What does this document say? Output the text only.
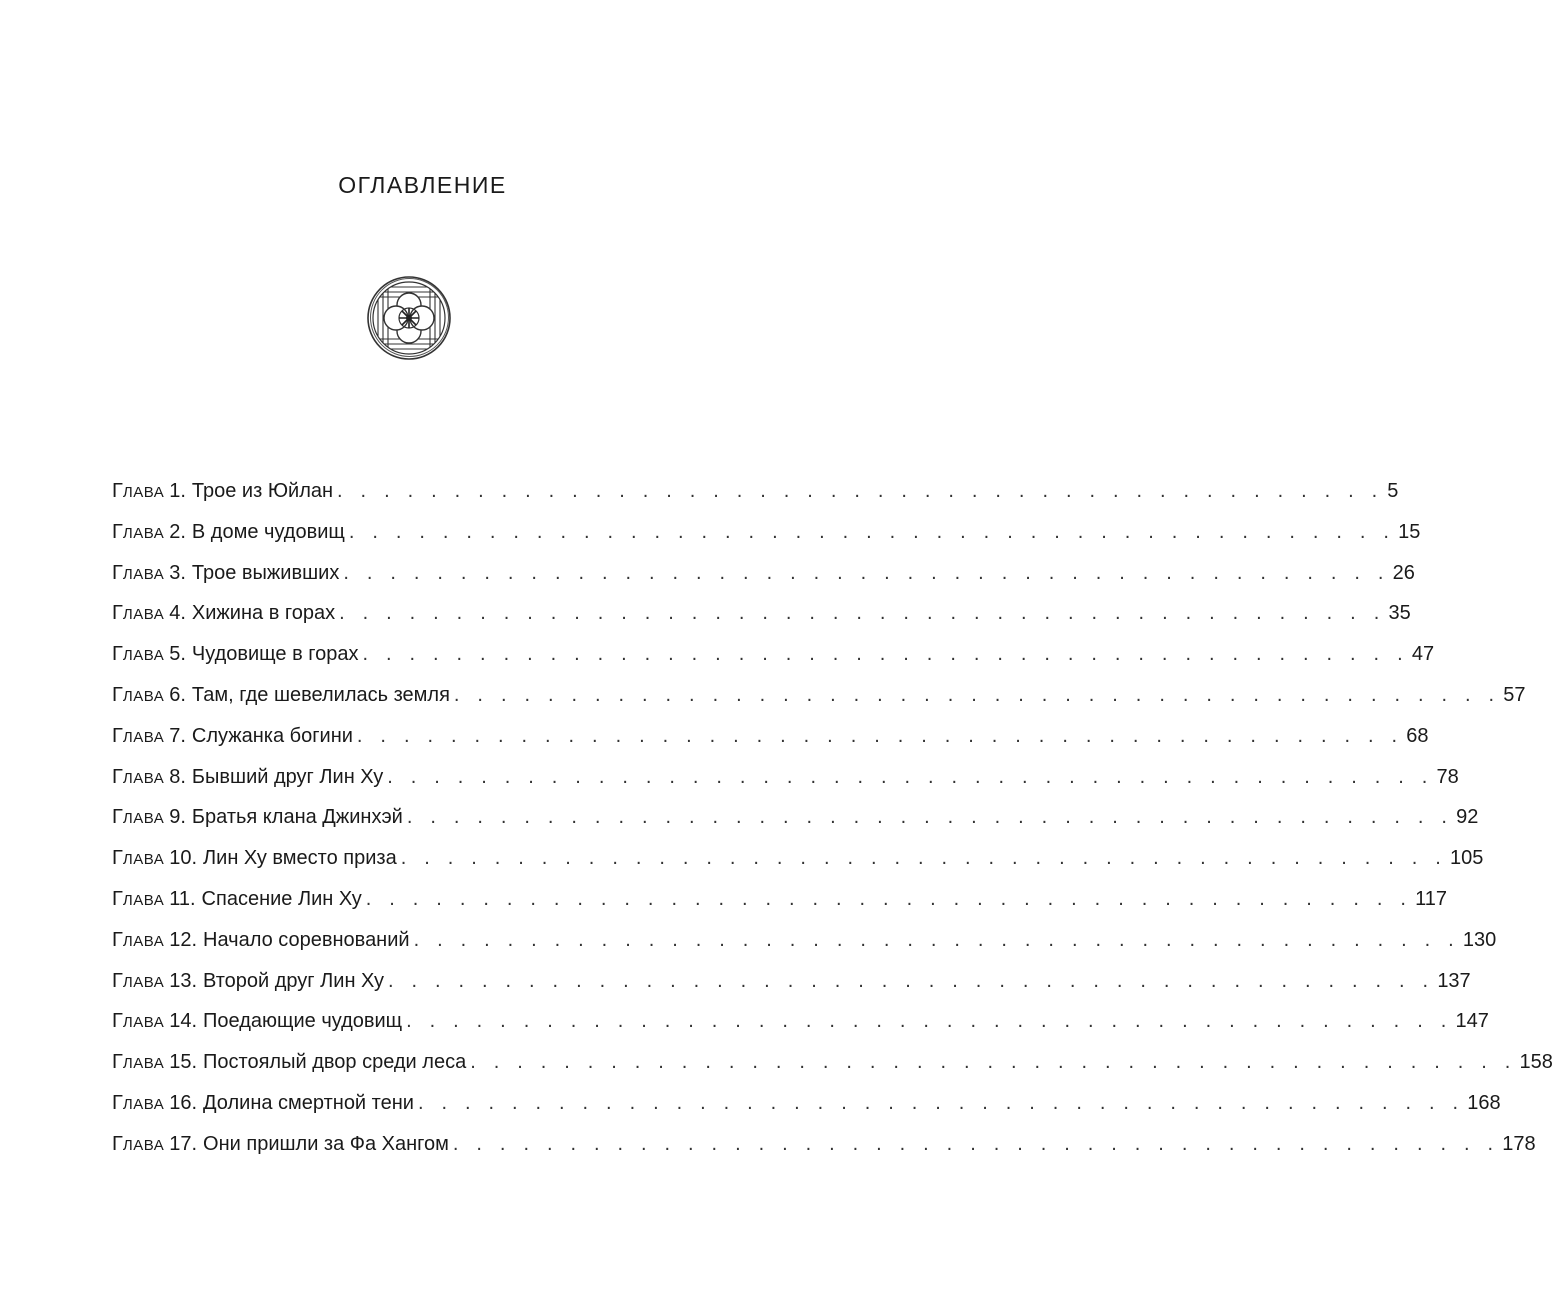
ОГЛАВЛЕНИЕ
ГЛАВА 1. Трое из Юйлан . . . . . . . . . . . . . . . . . . . . . . . . . . . . . . . . . . . . . . . . . . . . . 5
ГЛАВА 2. В доме чудовищ . . . . . . . . . . . . . . . . . . . . . . . . . . . . . . . . . . . . . . . . . . . . . 15
ГЛАВА 3. Трое выживших . . . . . . . . . . . . . . . . . . . . . . . . . . . . . . . . . . . . . . . . . . . . . 26
ГЛАВА 4. Хижина в горах . . . . . . . . . . . . . . . . . . . . . . . . . . . . . . . . . . . . . . . . . . . . . 35
ГЛАВА 5. Чудовище в горах . . . . . . . . . . . . . . . . . . . . . . . . . . . . . . . . . . . . . . . . . . . . . 47
ГЛАВА 6. Там, где шевелилась земля . . . . . . . . . . . . . . . . . . . . . . . . . . . . . . . . . . . . . . . . . . . . . 57
ГЛАВА 7. Служанка богини . . . . . . . . . . . . . . . . . . . . . . . . . . . . . . . . . . . . . . . . . . . . . 68
ГЛАВА 8. Бывший друг Лин Ху . . . . . . . . . . . . . . . . . . . . . . . . . . . . . . . . . . . . . . . . . . . . . 78
ГЛАВА 9. Братья клана Джинхэй . . . . . . . . . . . . . . . . . . . . . . . . . . . . . . . . . . . . . . . . . . . . . 92
ГЛАВА 10. Лин Ху вместо приза . . . . . . . . . . . . . . . . . . . . . . . . . . . . . . . . . . . . . . . . . . . . . 105
ГЛАВА 11. Спасение Лин Ху . . . . . . . . . . . . . . . . . . . . . . . . . . . . . . . . . . . . . . . . . . . . . 117
ГЛАВА 12. Начало соревнований . . . . . . . . . . . . . . . . . . . . . . . . . . . . . . . . . . . . . . . . . . . . . 130
ГЛАВА 13. Второй друг Лин Ху . . . . . . . . . . . . . . . . . . . . . . . . . . . . . . . . . . . . . . . . . . . . . 137
ГЛАВА 14. Поедающие чудовищ . . . . . . . . . . . . . . . . . . . . . . . . . . . . . . . . . . . . . . . . . . . . . 147
ГЛАВА 15. Постоялый двор среди леса . . . . . . . . . . . . . . . . . . . . . . . . . . . . . . . . . . . . . . . . . . . . . 158
ГЛАВА 16. Долина смертной тени . . . . . . . . . . . . . . . . . . . . . . . . . . . . . . . . . . . . . . . . . . . . . 168
ГЛАВА 17. Они пришли за Фа Хангом . . . . . . . . . . . . . . . . . . . . . . . . . . . . . . . . . . . . . . . . . . . . . 178
